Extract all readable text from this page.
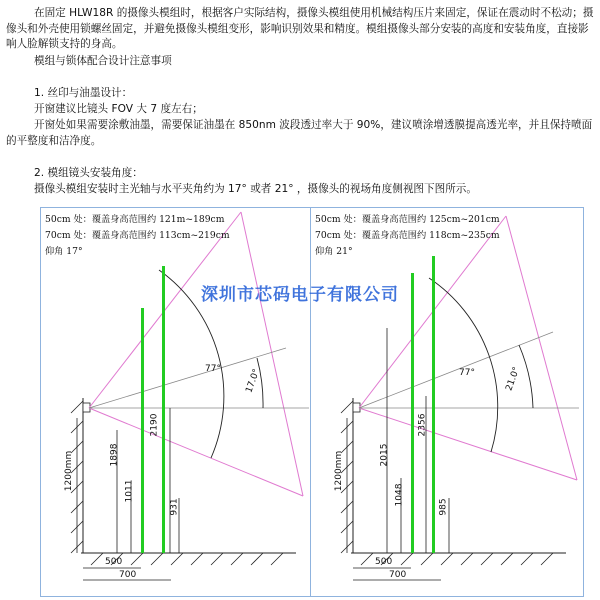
在固定 HLW18R 的摄像头模组时，根据客户实际结构，摄像头模组使用机械结构压片来固定，保证在震动时不松动；摄像头和外壳使用锁螺丝固定，并避免摄像头模组变形，影响识别效果和精度。模组摄像头部分安装的高度和安装角度，直接影响人脸解锁支持的身高。
模组与锁体配合设计注意事项
1. 丝印与油墨设计：
开窗建议比镜头 FOV 大 7 度左右；
开窗处如果需要涂敷油墨，需要保证油墨在 850nm 波段透过率大于 90%，建议喷涂增透膜提高透光率，并且保持喷面的平整度和洁净度。
2. 模组镜头安装角度：
摄像头模组安装时主光轴与水平夹角约为 17° 或者 21° ，摄像头的视场角度侧视图下图所示。
50cm 处：覆盖身高范围约 121m~189cm
70cm 处：覆盖身高范围约 113cm~219cm
仰角 17°
77°	17.0°
1200mm	1898
1011
2190
931
500
700
50cm 处：覆盖身高范围约 125cm~201cm
70cm 处：覆盖身高范围约 118cm~235cm
仰角 21°
77°	21.0°
1200mm	2015
1048
2356
985
500
700
深圳市芯码电子有限公司
